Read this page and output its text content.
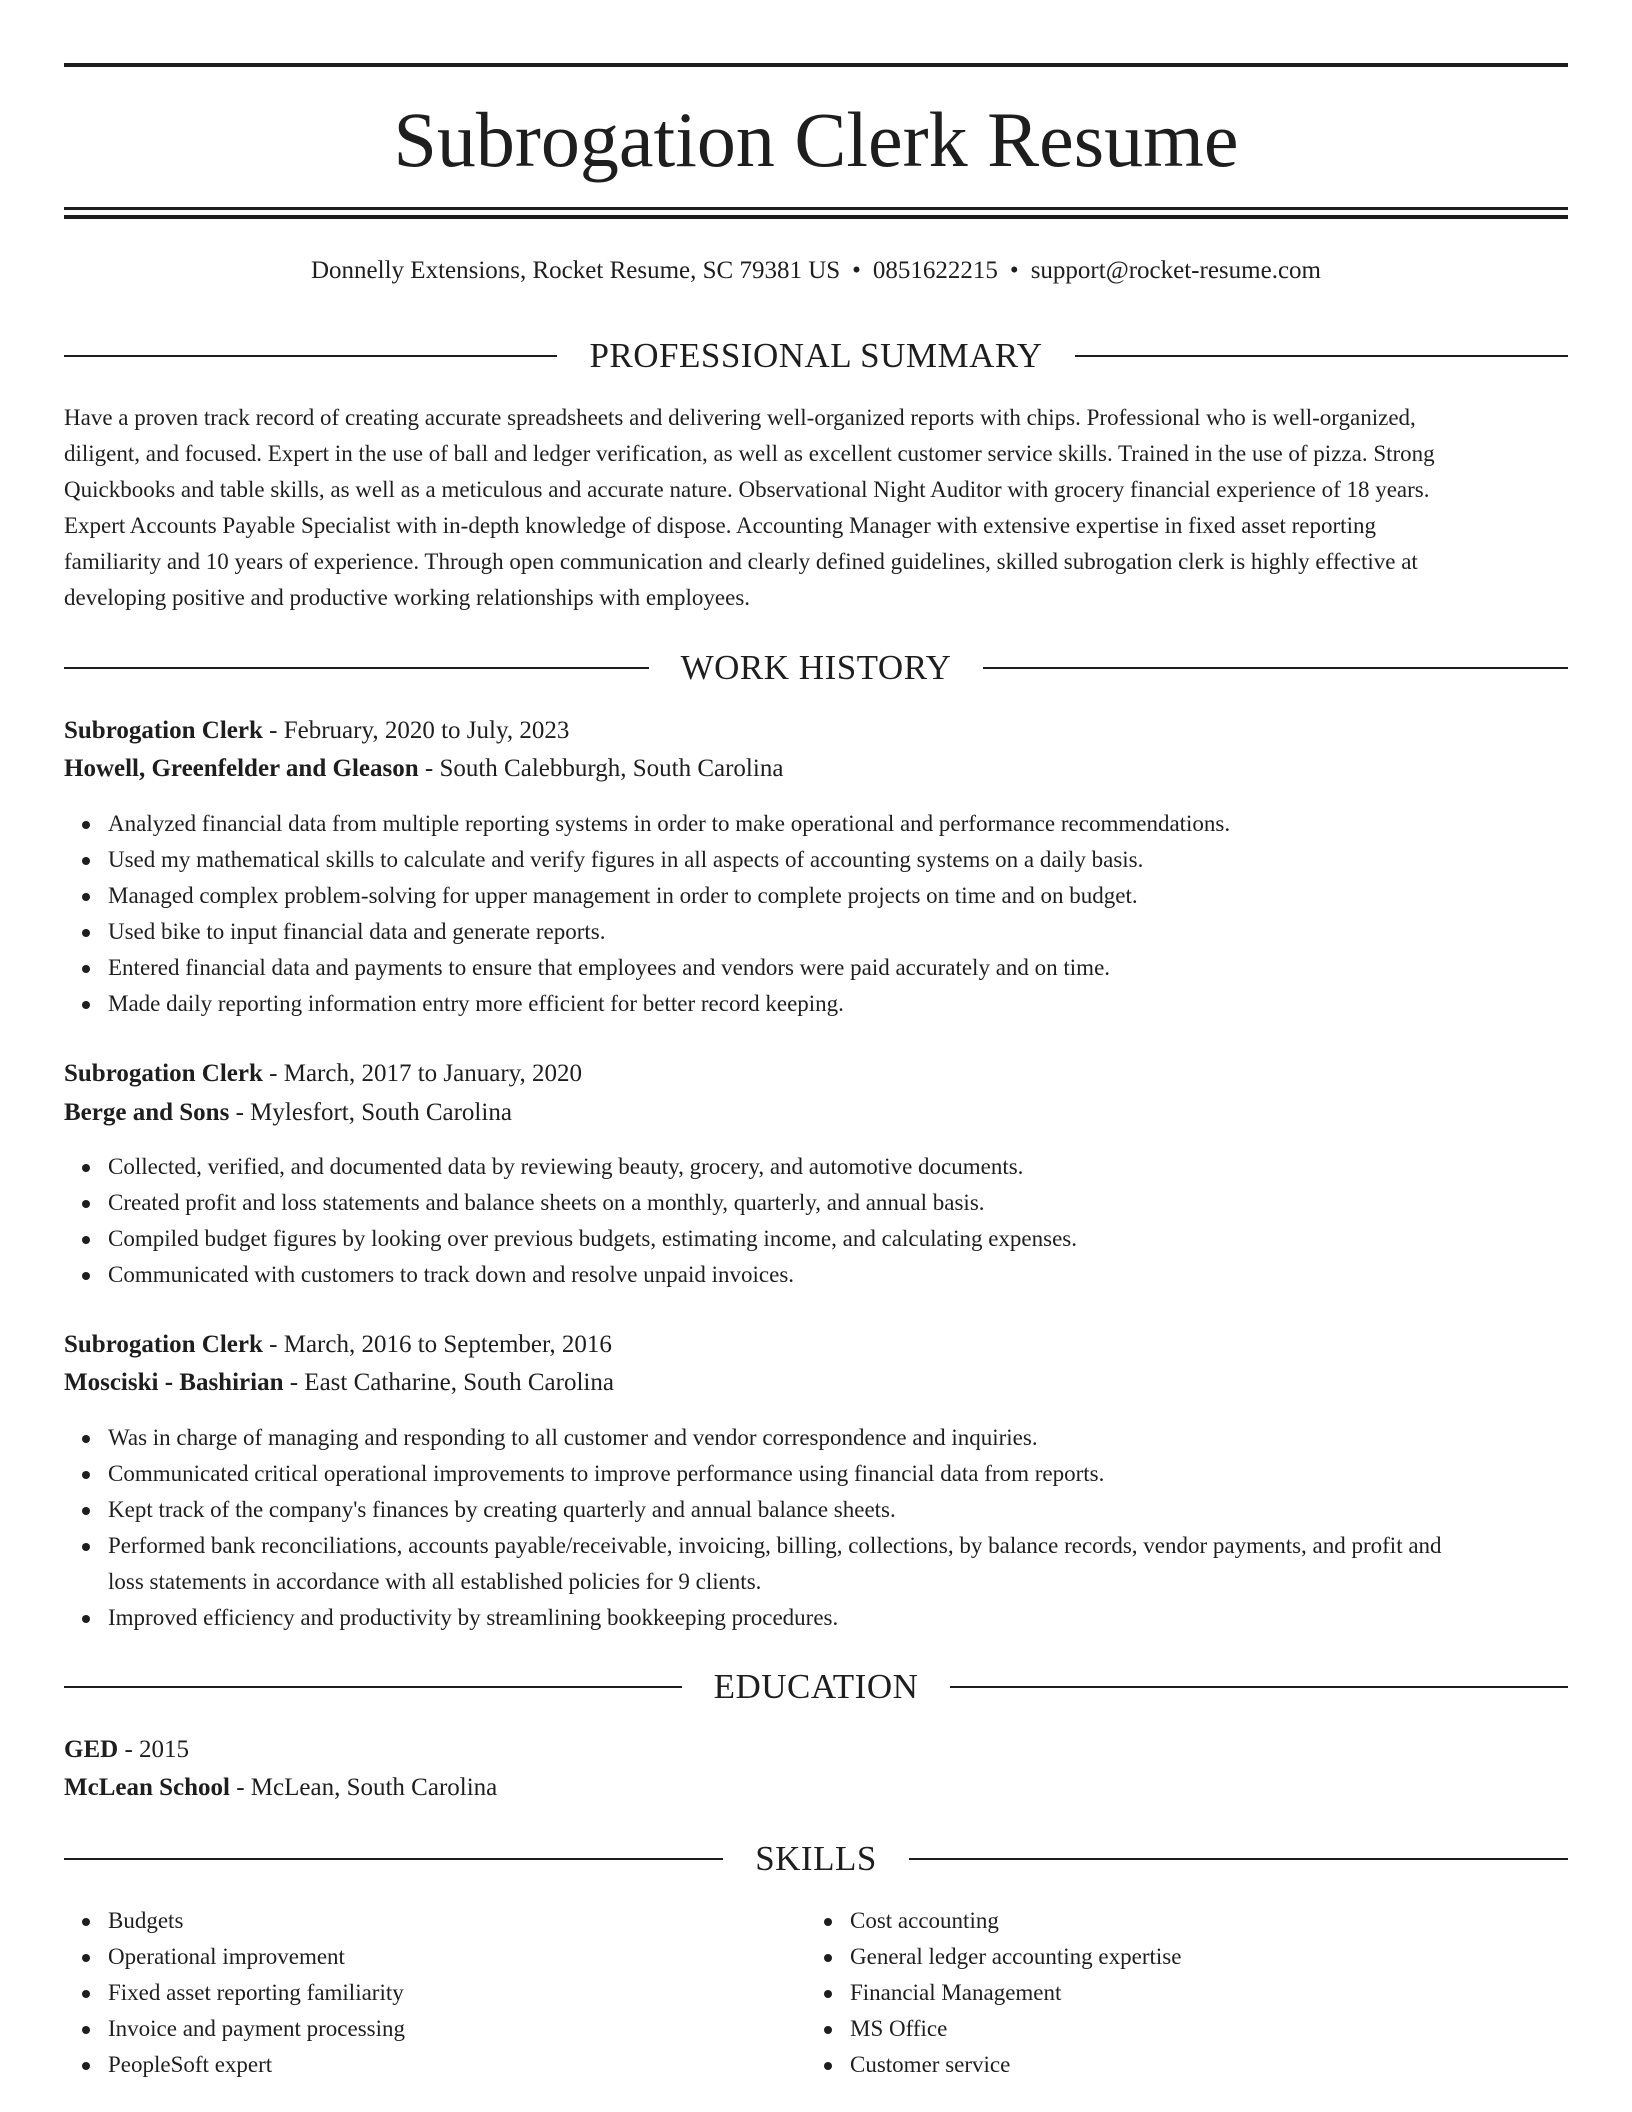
Subrogation Clerk Resume
Donnelly Extensions, Rocket Resume, SC 79381 US • 0851622215 • support@rocket-resume.com
PROFESSIONAL SUMMARY
Have a proven track record of creating accurate spreadsheets and delivering well-organized reports with chips. Professional who is well-organized,
diligent, and focused. Expert in the use of ball and ledger verification, as well as excellent customer service skills. Trained in the use of pizza. Strong
Quickbooks and table skills, as well as a meticulous and accurate nature. Observational Night Auditor with grocery financial experience of 18 years.
Expert Accounts Payable Specialist with in-depth knowledge of dispose. Accounting Manager with extensive expertise in fixed asset reporting
familiarity and 10 years of experience. Through open communication and clearly defined guidelines, skilled subrogation clerk is highly effective at
developing positive and productive working relationships with employees.
WORK HISTORY
Subrogation Clerk - February, 2020 to July, 2023
Howell, Greenfelder and Gleason - South Calebburgh, South Carolina
Analyzed financial data from multiple reporting systems in order to make operational and performance recommendations.
Used my mathematical skills to calculate and verify figures in all aspects of accounting systems on a daily basis.
Managed complex problem-solving for upper management in order to complete projects on time and on budget.
Used bike to input financial data and generate reports.
Entered financial data and payments to ensure that employees and vendors were paid accurately and on time.
Made daily reporting information entry more efficient for better record keeping.
Subrogation Clerk - March, 2017 to January, 2020
Berge and Sons - Mylesfort, South Carolina
Collected, verified, and documented data by reviewing beauty, grocery, and automotive documents.
Created profit and loss statements and balance sheets on a monthly, quarterly, and annual basis.
Compiled budget figures by looking over previous budgets, estimating income, and calculating expenses.
Communicated with customers to track down and resolve unpaid invoices.
Subrogation Clerk - March, 2016 to September, 2016
Mosciski - Bashirian - East Catharine, South Carolina
Was in charge of managing and responding to all customer and vendor correspondence and inquiries.
Communicated critical operational improvements to improve performance using financial data from reports.
Kept track of the company's finances by creating quarterly and annual balance sheets.
Performed bank reconciliations, accounts payable/receivable, invoicing, billing, collections, by balance records, vendor payments, and profit and
loss statements in accordance with all established policies for 9 clients.
Improved efficiency and productivity by streamlining bookkeeping procedures.
EDUCATION
GED - 2015
McLean School - McLean, South Carolina
SKILLS
Budgets
Operational improvement
Fixed asset reporting familiarity
Invoice and payment processing
PeopleSoft expert
Cost accounting
General ledger accounting expertise
Financial Management
MS Office
Customer service
